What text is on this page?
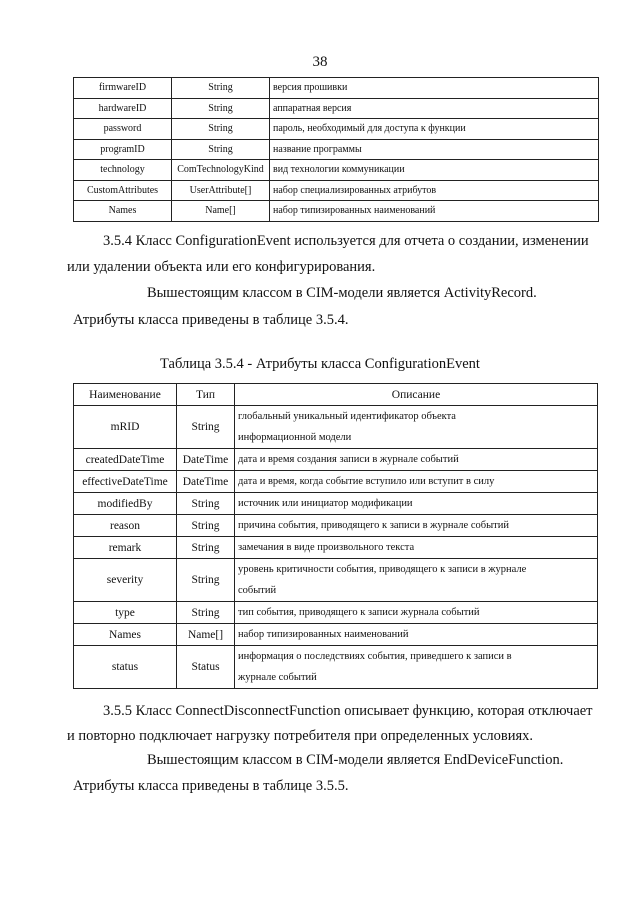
38
firmwareID	String	версия прошивки
hardwareID	String	аппаратная версия
password	String	пароль, необходимый для доступа к функции
programID	String	название программы
technology	ComTechnologyKind	вид технологии коммуникации
CustomAttributes	UserAttribute[]	набор специализированных атрибутов
Names	Name[]	набор типизированных наименований
3.5.4 Класс ConfigurationEvent используется для отчета о создании, изменении
или удалении объекта или его конфигурирования.
Вышестоящим классом в CIM-модели является ActivityRecord.
Атрибуты класса приведены в таблице 3.5.4.
Таблица 3.5.4 - Атрибуты класса ConfigurationEvent
Наименование	Тип	Описание
mRID	String	глобальный уникальный идентификатор объекта
информационной модели

createdDateTime	DateTime	дата и время создания записи в журнале событий

effectiveDateTime	DateTime	дата и время, когда событие вступило или вступит в силу

modifiedBy	String	источник или инициатор модификации

reason	String	причина события, приводящего к записи в журнале событий

remark	String	замечания в виде произвольного текста

severity	String	уровень критичности события, приводящего к записи в журнале
событий

type	String	тип события, приводящего к записи журнала событий

Names	Name[]	набор типизированных наименований

status	Status	информация о последствиях события, приведшего к записи в
журнале событий
3.5.5 Класс ConnectDisconnectFunction описывает функцию, которая отключает
и повторно подключает нагрузку потребителя при определенных условиях.
Вышестоящим классом в CIM-модели является EndDeviceFunction.
Атрибуты класса приведены в таблице 3.5.5.
